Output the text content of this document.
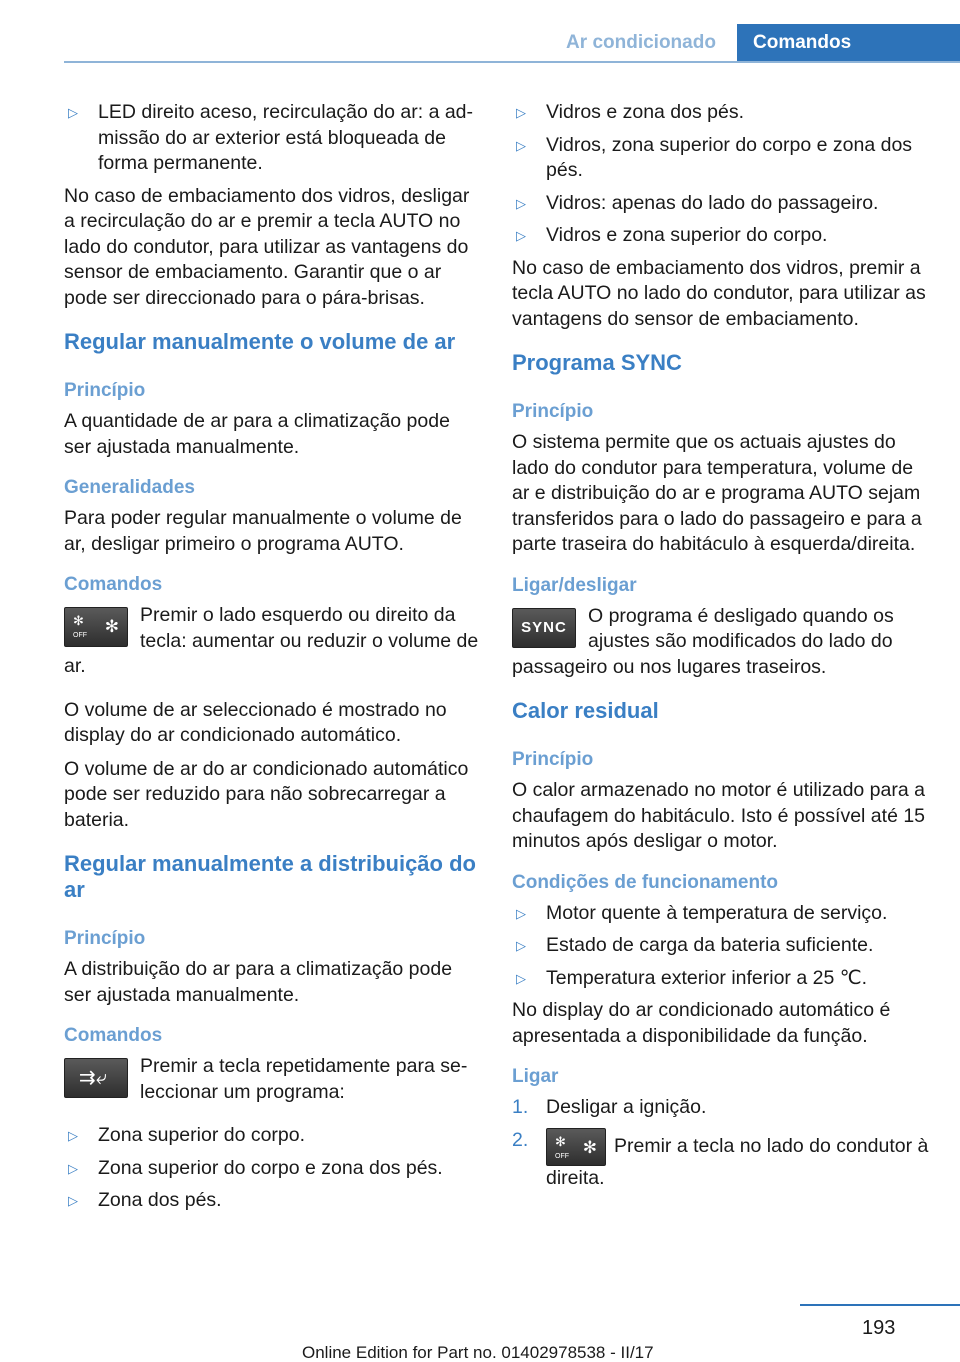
Ar condicionado	Comandos
▷ LED direito aceso, recirculação do ar: a admissão do ar exterior está bloqueada de forma permanente.
No caso de embaciamento dos vidros, desligar a recirculação do ar e premir a tecla AUTO no lado do condutor, para utilizar as vantagens do sensor de embaciamento. Garantir que o ar pode ser direccionado para o pára-brisas.
Regular manualmente o volume de ar
Princípio
A quantidade de ar para a climatização pode ser ajustada manualmente.
Generalidades
Para poder regular manualmente o volume de ar, desligar primeiro o programa AUTO.
Comandos
✻
OFF ✻
Premir o lado esquerdo ou direito da tecla: aumentar ou reduzir o volume de ar.
O volume de ar seleccionado é mostrado no display do ar condicionado automático.
O volume de ar do ar condicionado automático pode ser reduzido para não sobrecarregar a bateria.
Regular manualmente a distribuição do ar
Princípio
A distribuição do ar para a climatização pode ser ajustada manualmente.
Comandos
⇉⤶
Premir a tecla repetidamente para seleccionar um programa:
▷ Zona superior do corpo.
▷ Zona superior do corpo e zona dos pés.
▷ Zona dos pés.
▷ Vidros e zona dos pés.
▷ Vidros, zona superior do corpo e zona dos pés.
▷ Vidros: apenas do lado do passageiro.
▷ Vidros e zona superior do corpo.
No caso de embaciamento dos vidros, premir a tecla AUTO no lado do condutor, para utilizar as vantagens do sensor de embaciamento.
Programa SYNC
Princípio
O sistema permite que os actuais ajustes do lado do condutor para temperatura, volume de ar e distribuição do ar e programa AUTO sejam transferidos para o lado do passageiro e para a parte traseira do habitáculo à esquerda/direita.
Ligar/desligar
SYNC
O programa é desligado quando os ajustes são modificados do lado do passageiro ou nos lugares traseiros.
Calor residual
Princípio
O calor armazenado no motor é utilizado para a chaufagem do habitáculo. Isto é possível até 15 minutos após desligar o motor.
Condições de funcionamento
▷ Motor quente à temperatura de serviço.
▷ Estado de carga da bateria suficiente.
▷ Temperatura exterior inferior a 25 ℃.
No display do ar condicionado automático é apresentada a disponibilidade da função.
Ligar
1. Desligar a ignição.
2. ✻
OFF ✻ Premir a tecla no lado do condutor à direita.
193
Online Edition for Part no. 01402978538 - II/17
